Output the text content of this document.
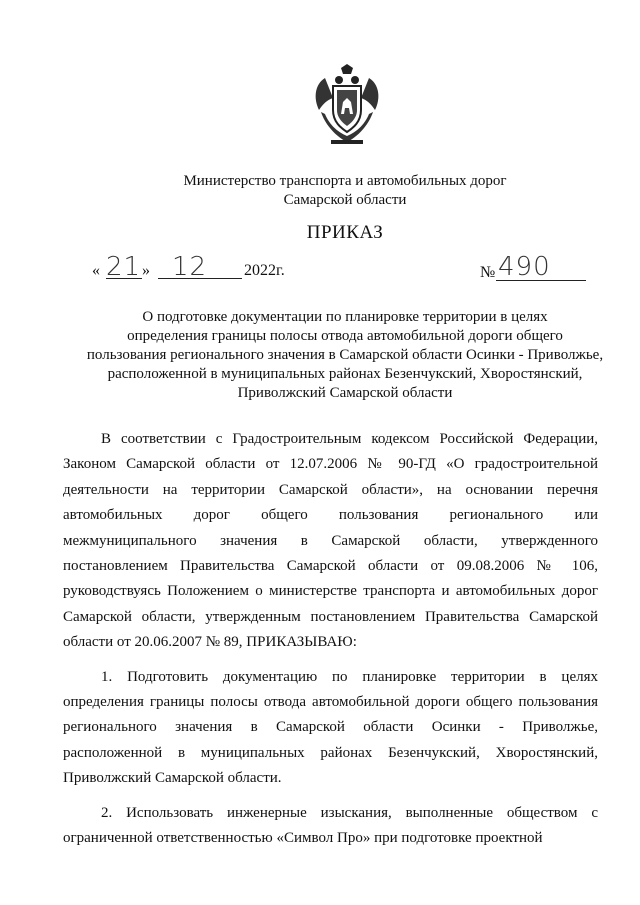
Министерство транспорта и автомобильных дорог
Самарской области
ПРИКАЗ
« 21 » 12 2022г.	№ 490
О подготовке документации по планировке территории в целях
определения границы полосы отвода автомобильной дороги общего
пользования регионального значения в Самарской области Осинки - Приволжье,
расположенной в муниципальных районах Безенчукский, Хворостянский,
Приволжский Самарской области

В соответствии с Градостроительным кодексом Российской Федерации, Законом Самарской области от 12.07.2006 № 90-ГД «О градостроительной деятельности на территории Самарской области», на основании перечня автомобильных дорог общего пользования регионального или межмуниципального значения в Самарской области, утвержденного постановлением Правительства Самарской области от 09.08.2006 № 106, руководствуясь Положением о министерстве транспорта и автомобильных дорог Самарской области, утвержденным постановлением Правительства Самарской области от 20.06.2007 № 89, ПРИКАЗЫВАЮ:

1. Подготовить документацию по планировке территории в целях определения границы полосы отвода автомобильной дороги общего пользования регионального значения в Самарской области Осинки - Приволжье, расположенной в муниципальных районах Безенчукский, Хворостянский, Приволжский Самарской области.

2. Использовать инженерные изыскания, выполненные обществом с ограниченной ответственностью «Символ Про» при подготовке проектной
